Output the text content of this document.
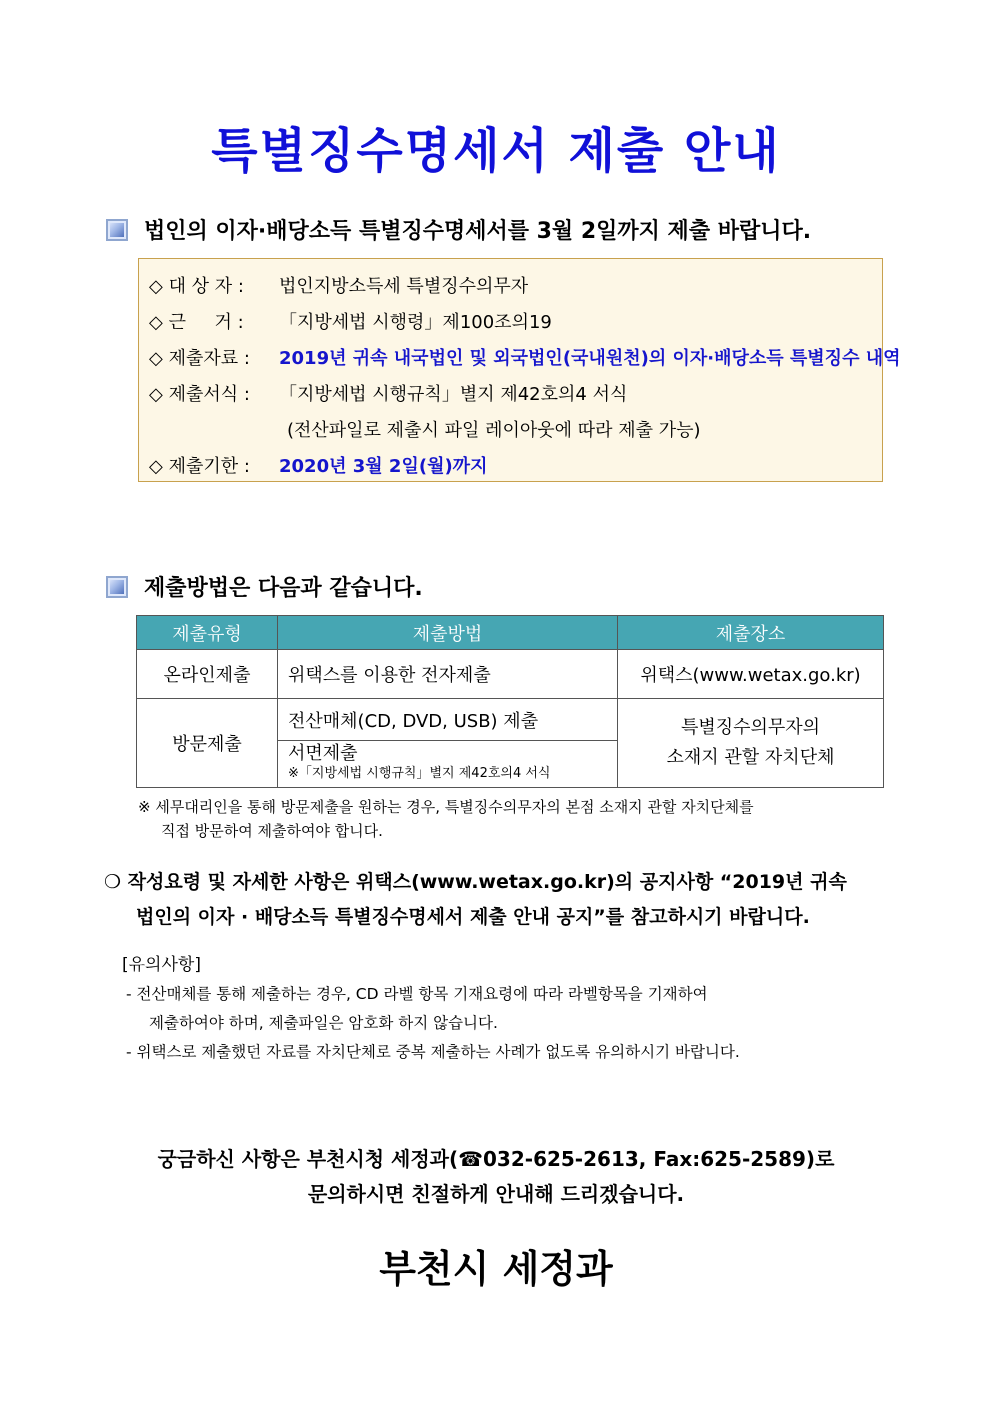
특별징수명세서 제출 안내
법인의 이자·배당소득 특별징수명세서를 3월 2일까지 제출 바랍니다.
◇ 대 상 자 :	법인지방소득세 특별징수의무자
◇ 근     거 :	「지방세법 시행령」제100조의19
◇ 제출자료 :	2019년 귀속 내국법인 및 외국법인(국내원천)의 이자·배당소득 특별징수 내역
◇ 제출서식 :	「지방세법 시행규칙」별지 제42호의4 서식
(전산파일로 제출시 파일 레이아웃에 따라 제출 가능)
◇ 제출기한 :	2020년 3월 2일(월)까지
제출방법은 다음과 같습니다.
제출유형	제출방법	제출장소
온라인제출	위택스를 이용한 전자제출	위택스(www.wetax.go.kr)
방문제출	전산매체(CD, DVD, USB) 제출	특별징수의무자의
소재지 관할 자치단체

	서면제출
※「지방세법 시행규칙」별지 제42호의4 서식	
※ 세무대리인을 통해 방문제출을 원하는 경우, 특별징수의무자의 본점 소재지 관할 자치단체를
직접 방문하여 제출하여야 합니다.
❍ 작성요령 및 자세한 사항은 위택스(www.wetax.go.kr)의 공지사항 “2019년 귀속
법인의 이자 · 배당소득 특별징수명세서 제출 안내 공지”를 참고하시기 바랍니다.
[유의사항]
- 전산매체를 통해 제출하는 경우, CD 라벨 항목 기재요령에 따라 라벨항목을 기재하여
제출하여야 하며, 제출파일은 암호화 하지 않습니다.
- 위택스로 제출했던 자료를 자치단체로 중복 제출하는 사례가 없도록 유의하시기 바랍니다.
궁금하신 사항은 부천시청 세정과(☎032-625-2613, Fax:625-2589)로
문의하시면 친절하게 안내해 드리겠습니다.
부천시 세정과
